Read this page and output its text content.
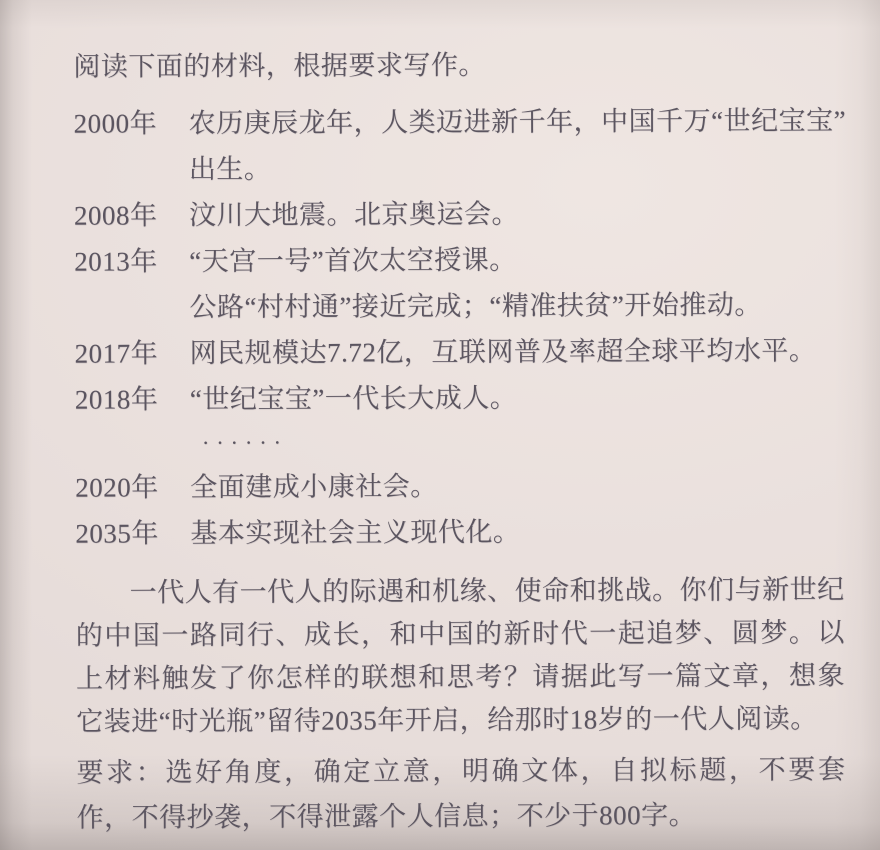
阅读下面的材料，根据要求写作。

2000年	农历庚辰龙年，人类迈进新千年，中国千万“世纪宝宝”
出生。
2008年	汶川大地震。北京奥运会。
2013年	“天宫一号”首次太空授课。
公路“村村通”接近完成；“精准扶贫”开始推动。
2017年	网民规模达7.72亿，互联网普及率超全球平均水平。
2018年	“世纪宝宝”一代长大成人。
······
2020年	全面建成小康社会。
2035年	基本实现社会主义现代化。

一代人有一代人的际遇和机缘、使命和挑战。你们与新世纪的中国一路同行、成长，和中国的新时代一起追梦、圆梦。以上材料触发了你怎样的联想和思考？请据此写一篇文章，想象它装进“时光瓶”留待2035年开启，给那时18岁的一代人阅读。

要求：选好角度，确定立意，明确文体，自拟标题，不要套作，不得抄袭，不得泄露个人信息；不少于800字。
